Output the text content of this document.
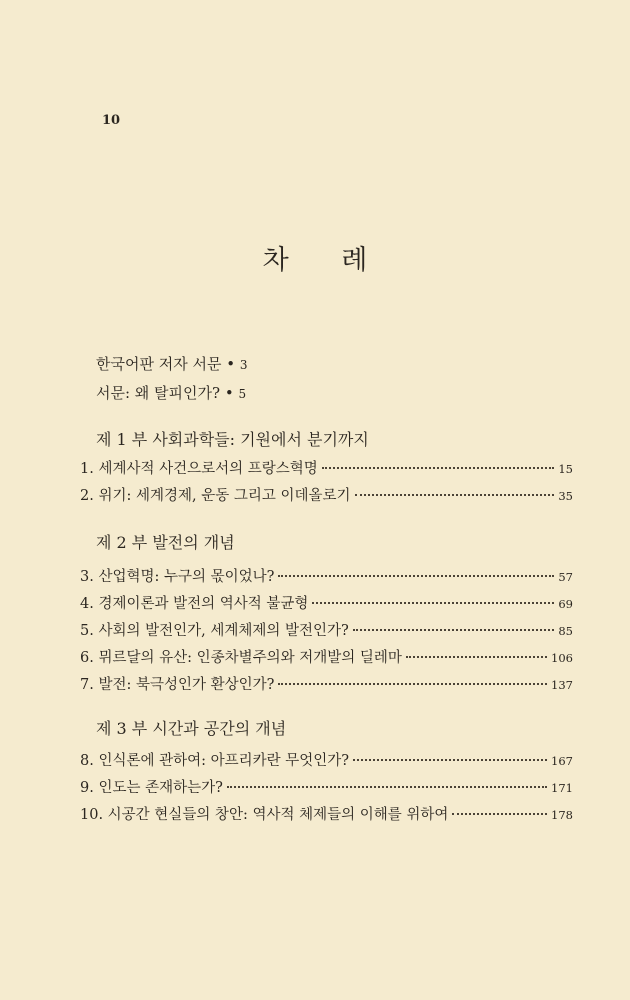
10
차 례
한국어판 저자 서문 • 3
서문: 왜 탈피인가? • 5
제 1 부 사회과학들: 기원에서 분기까지
1. 세계사적 사건으로서의 프랑스혁명	15
2. 위기: 세계경제, 운동 그리고 이데올로기	35
제 2 부 발전의 개념
3. 산업혁명: 누구의 몫이었나?	57
4. 경제이론과 발전의 역사적 불균형	69
5. 사회의 발전인가, 세계체제의 발전인가?	85
6. 뮈르달의 유산: 인종차별주의와 저개발의 딜레마	106
7. 발전: 북극성인가 환상인가?	137
제 3 부 시간과 공간의 개념
8. 인식론에 관하여: 아프리카란 무엇인가?	167
9. 인도는 존재하는가?	171
10. 시공간 현실들의 창안: 역사적 체제들의 이해를 위하여	178
